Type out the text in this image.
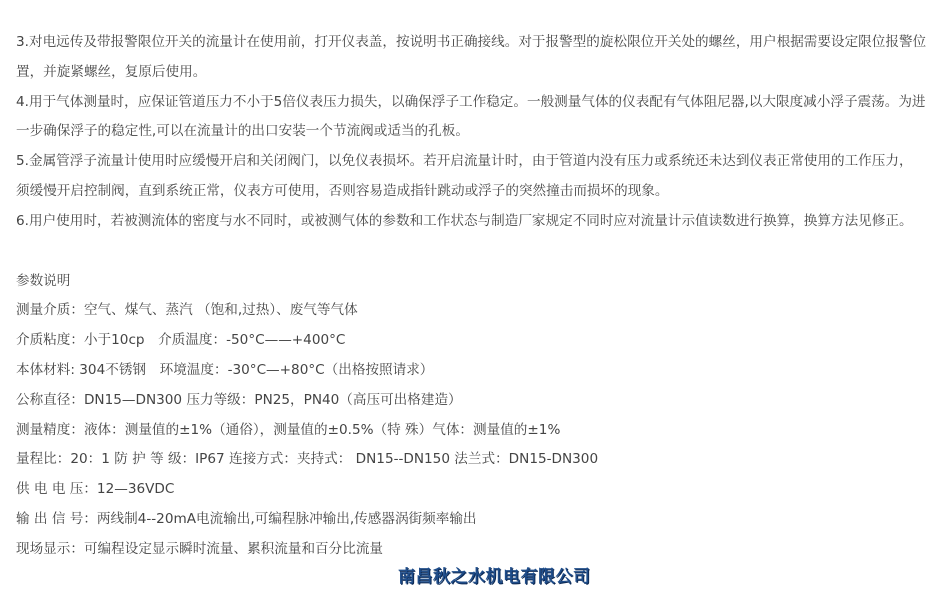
3.对电远传及带报警限位开关的流量计在使用前，打开仪表盖，按说明书正确接线。对于报警型的旋松限位开关处的螺丝，用户根据需要设定限位报警位置，并旋紧螺丝，复原后使用。

4.用于气体测量时，应保证管道压力不小于5倍仪表压力损失，以确保浮子工作稳定。一般测量气体的仪表配有气体阻尼器,以大限度减小浮子震荡。为进一步确保浮子的稳定性,可以在流量计的出口安装一个节流阀或适当的孔板。

5.金属管浮子流量计使用时应缓慢开启和关闭阀门，以免仪表损坏。若开启流量计时，由于管道内没有压力或系统还未达到仪表正常使用的工作压力，　须缓慢开启控制阀，直到系统正常，仪表方可使用，否则容易造成指针跳动或浮子的突然撞击而损坏的现象。

6.用户使用时，若被测流体的密度与水不同时，或被测气体的参数和工作状态与制造厂家规定不同时应对流量计示值读数进行换算，换算方法见修正。

参数说明

测量介质：空气、煤气、蒸汽 （饱和,过热）、废气等气体

介质粘度：小于10cp　介质温度：-50°C——+400°C

本体材料: 304不锈钢　环境温度：-30°C—+80°C（出格按照请求）

公称直径：DN15—DN300 压力等级：PN25，PN40（高压可出格建造）

测量精度：液体：测量值的±1%（通俗），测量值的±0.5%（特 殊）气体：测量值的±1%

量程比：20：1 防 护 等 级：IP67 连接方式：夹持式： DN15--DN150 法兰式：DN15-DN300

供 电 电 压：12—36VDC

输 出 信 号：两线制4--20mA电流输出,可编程脉冲输出,传感器涡街频率输出

现场显示：可编程设定显示瞬时流量、累积流量和百分比流量

南昌秋之水机电有限公司
